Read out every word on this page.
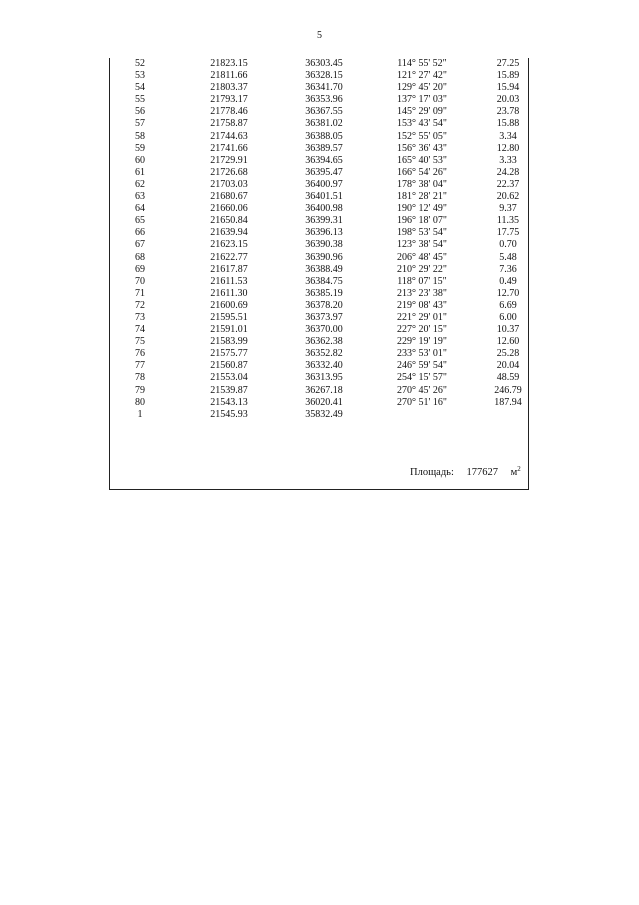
5
52	21823.15	36303.45	114° 55' 52"	27.25
53	21811.66	36328.15	121° 27' 42"	15.89
54	21803.37	36341.70	129° 45' 20"	15.94
55	21793.17	36353.96	137° 17' 03"	20.03
56	21778.46	36367.55	145° 29' 09"	23.78
57	21758.87	36381.02	153° 43' 54"	15.88
58	21744.63	36388.05	152° 55' 05"	3.34
59	21741.66	36389.57	156° 36' 43"	12.80
60	21729.91	36394.65	165° 40' 53"	3.33
61	21726.68	36395.47	166° 54' 26"	24.28
62	21703.03	36400.97	178° 38' 04"	22.37
63	21680.67	36401.51	181° 28' 21"	20.62
64	21660.06	36400.98	190° 12' 49"	9.37
65	21650.84	36399.31	196° 18' 07"	11.35
66	21639.94	36396.13	198° 53' 54"	17.75
67	21623.15	36390.38	123° 38' 54"	0.70
68	21622.77	36390.96	206° 48' 45"	5.48
69	21617.87	36388.49	210° 29' 22"	7.36
70	21611.53	36384.75	118° 07' 15"	0.49
71	21611.30	36385.19	213° 23' 38"	12.70
72	21600.69	36378.20	219° 08' 43"	6.69
73	21595.51	36373.97	221° 29' 01"	6.00
74	21591.01	36370.00	227° 20' 15"	10.37
75	21583.99	36362.38	229° 19' 19"	12.60
76	21575.77	36352.82	233° 53' 01"	25.28
77	21560.87	36332.40	246° 59' 54"	20.04
78	21553.04	36313.95	254° 15' 57"	48.59
79	21539.87	36267.18	270° 45' 26"	246.79
80	21543.13	36020.41	270° 51' 16"	187.94
1	21545.93	35832.49
Площадь: 177627 $м^2$
